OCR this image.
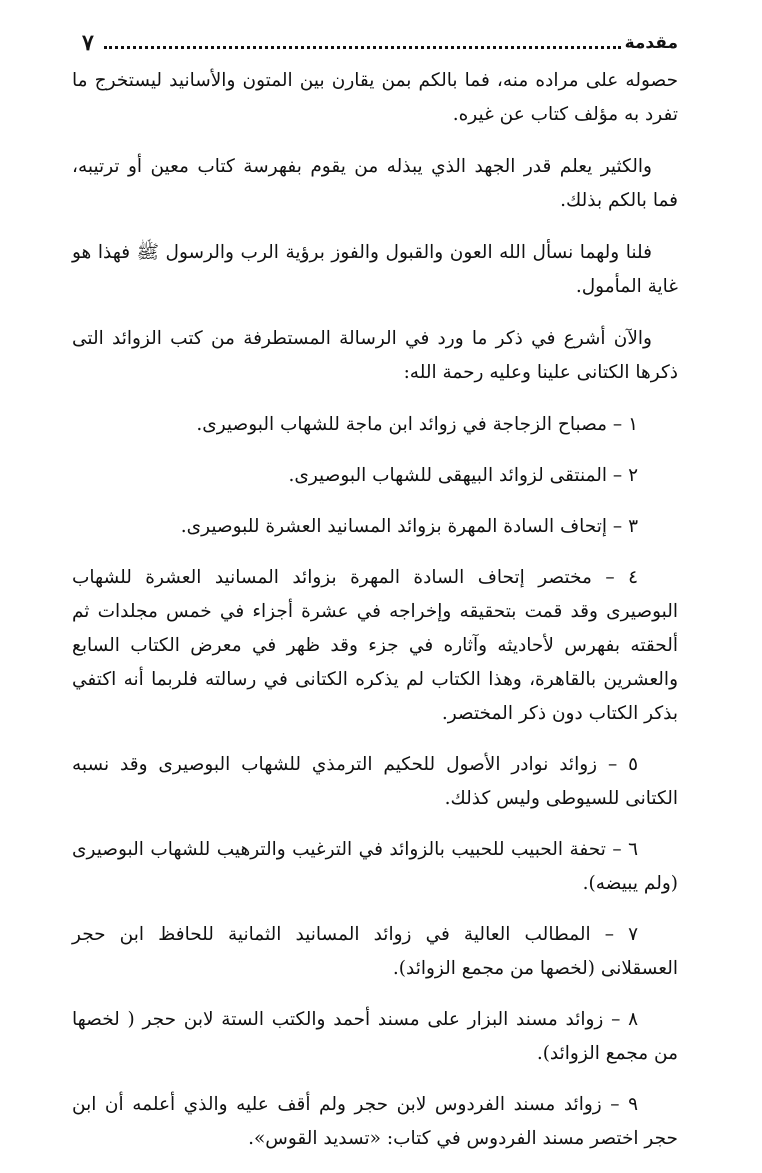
٧	مقدمة

حصوله على مراده منه، فما بالكم بمن يقارن بين المتون والأسانيد ليستخرج ما تفرد به مؤلف كتاب عن غيره.

والكثير يعلم قدر الجهد الذي يبذله من يقوم بفهرسة كتاب معين أو ترتيبه، فما بالكم بذلك.

فلنا ولهما نسأل الله العون والقبول والفوز برؤية الرب والرسول ﷺ فهذا هو غاية المأمول.

والآن أشرع في ذكر ما ورد في الرسالة المستطرفة من كتب الزوائد التى ذكرها الكتانى علينا وعليه رحمة الله:

١ – مصباح الزجاجة في زوائد ابن ماجة للشهاب البوصيرى.
٢ – المنتقى لزوائد البيهقى للشهاب البوصيرى.
٣ – إتحاف السادة المهرة بزوائد المسانيد العشرة للبوصيرى.
٤ – مختصر إتحاف السادة المهرة بزوائد المسانيد العشرة للشهاب البوصيرى وقد قمت بتحقيقه وإخراجه في عشرة أجزاء في خمس مجلدات ثم ألحقته بفهرس لأحاديثه وآثاره في جزء وقد ظهر في معرض الكتاب السابع والعشرين بالقاهرة، وهذا الكتاب لم يذكره الكتانى في رسالته فلربما أنه اكتفي بذكر الكتاب دون ذكر المختصر.
٥ – زوائد نوادر الأصول للحكيم الترمذي للشهاب البوصيرى وقد نسبه الكتانى للسيوطى وليس كذلك.
٦ – تحفة الحبيب للحبيب بالزوائد في الترغيب والترهيب للشهاب البوصيرى (ولم يبيضه).
٧ – المطالب العالية في زوائد المسانيد الثمانية للحافظ ابن حجر العسقلانى (لخصها من مجمع الزوائد).
٨ – زوائد مسند البزار على مسند أحمد والكتب الستة لابن حجر ( لخصها من مجمع الزوائد).
٩ – زوائد مسند الفردوس لابن حجر ولم أقف عليه والذي أعلمه أن ابن حجر اختصر مسند الفردوس في كتاب: «تسديد القوس».
